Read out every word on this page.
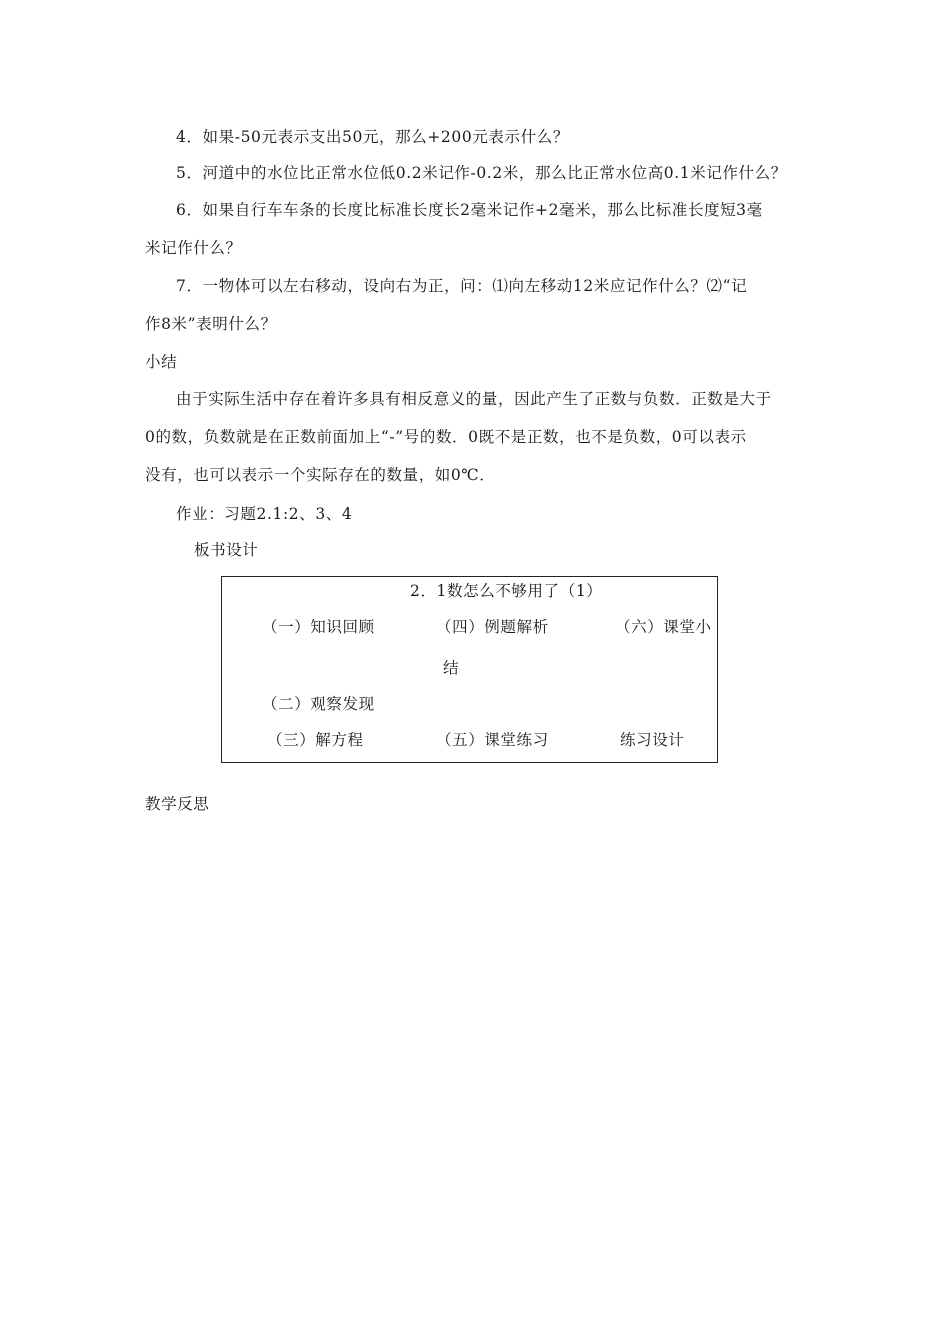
4．如果-50元表示支出50元，那么+200元表示什么？
5．河道中的水位比正常水位低0.2米记作-0.2米，那么比正常水位高0.1米记作什么？
6．如果自行车车条的长度比标准长度长2毫米记作+2毫米，那么比标准长度短3毫
米记作什么？
7．一物体可以左右移动，设向右为正，问：⑴向左移动12米应记作什么？⑵“记
作8米”表明什么？
小结
由于实际生活中存在着许多具有相反意义的量，因此产生了正数与负数．正数是大于
0的数，负数就是在正数前面加上“-”号的数．0既不是正数，也不是负数，0可以表示
没有，也可以表示一个实际存在的数量，如0℃．
作业：习题2.1:2、3、4
板书设计
2．1数怎么不够用了（1）
（一）知识回顾	（四）例题解析	（六）课堂小
结
（二）观察发现
（三）解方程	（五）课堂练习	练习设计
教学反思
